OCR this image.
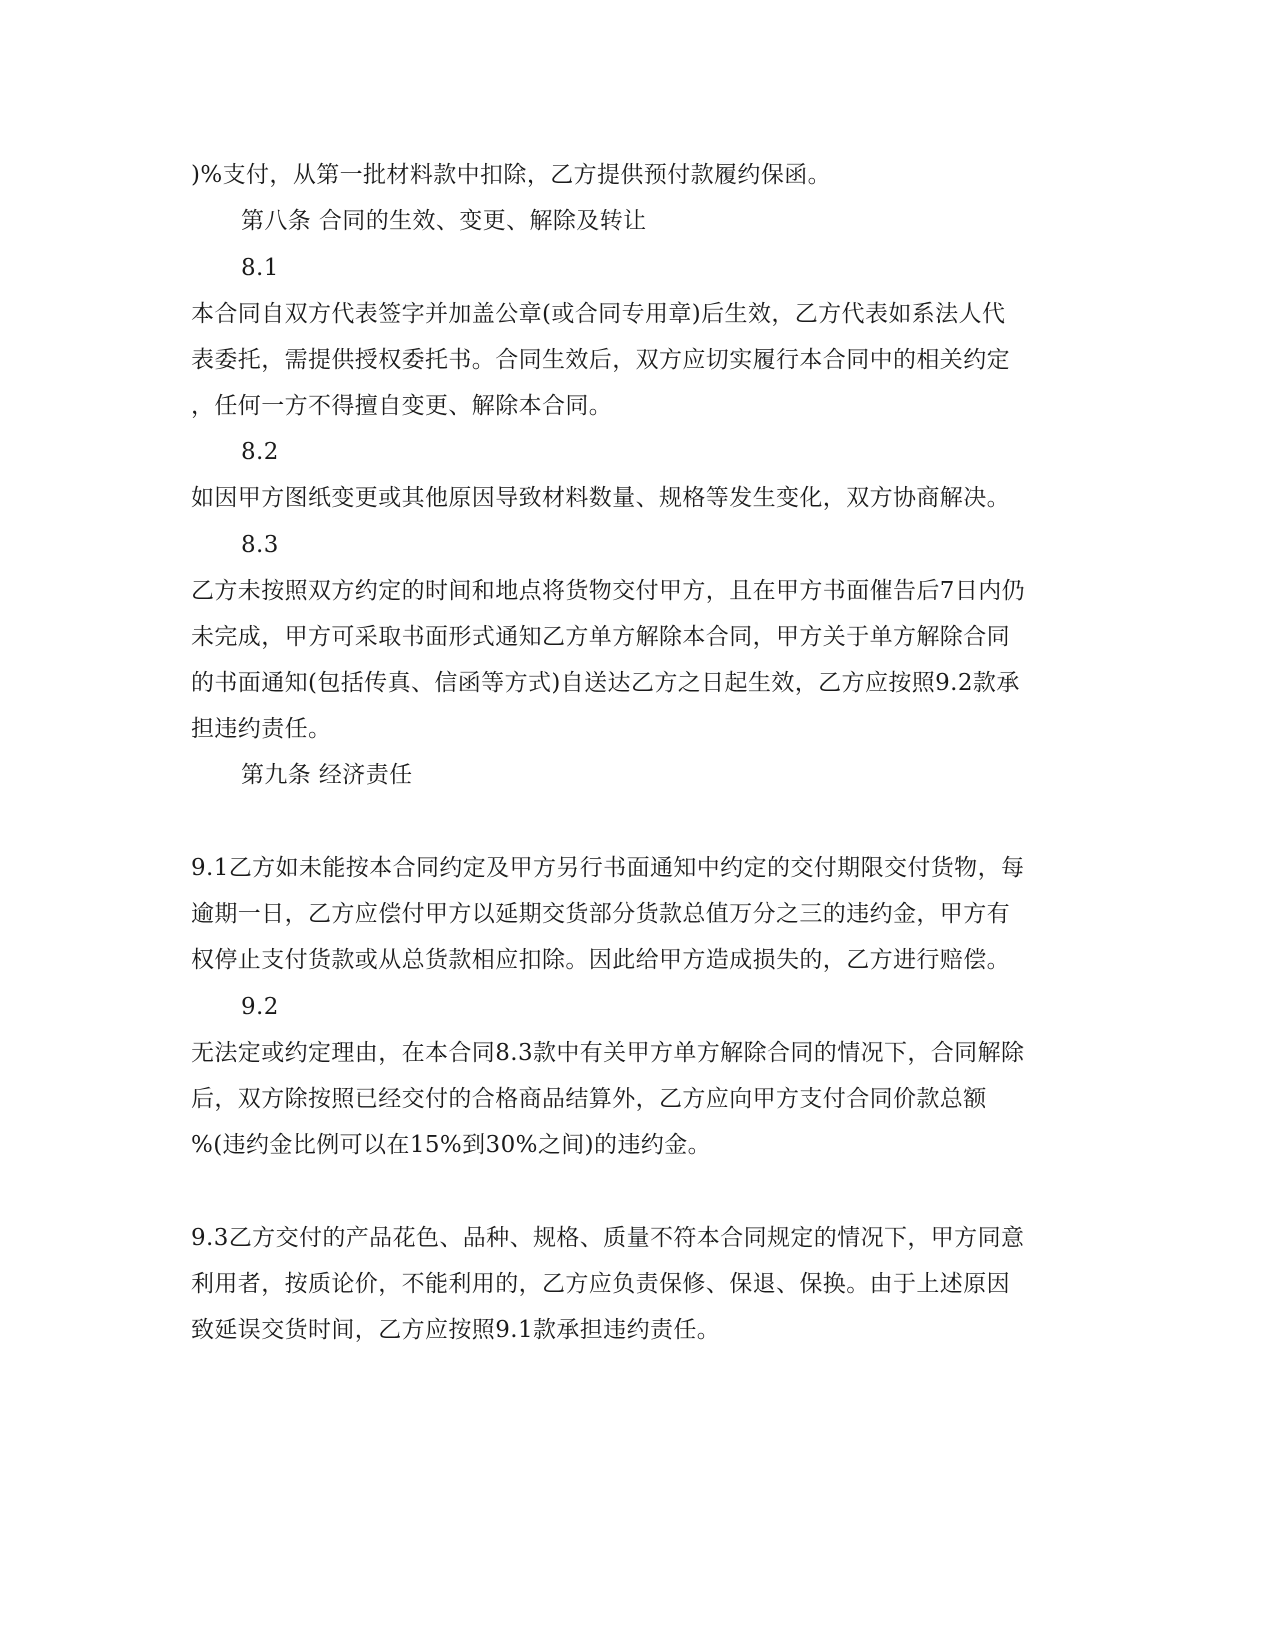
)%支付，从第一批材料款中扣除，乙方提供预付款履约保函。
第八条 合同的生效、变更、解除及转让
8.1
本合同自双方代表签字并加盖公章(或合同专用章)后生效，乙方代表如系法人代
表委托，需提供授权委托书。合同生效后，双方应切实履行本合同中的相关约定
，任何一方不得擅自变更、解除本合同。
8.2
如因甲方图纸变更或其他原因导致材料数量、规格等发生变化，双方协商解决。
8.3
乙方未按照双方约定的时间和地点将货物交付甲方，且在甲方书面催告后7日内仍
未完成，甲方可采取书面形式通知乙方单方解除本合同，甲方关于单方解除合同
的书面通知(包括传真、信函等方式)自送达乙方之日起生效，乙方应按照9.2款承
担违约责任。
第九条 经济责任
9.1乙方如未能按本合同约定及甲方另行书面通知中约定的交付期限交付货物，每
逾期一日，乙方应偿付甲方以延期交货部分货款总值万分之三的违约金，甲方有
权停止支付货款或从总货款相应扣除。因此给甲方造成损失的，乙方进行赔偿。
9.2
无法定或约定理由，在本合同8.3款中有关甲方单方解除合同的情况下，合同解除
后，双方除按照已经交付的合格商品结算外，乙方应向甲方支付合同价款总额
%(违约金比例可以在15%到30%之间)的违约金。
9.3乙方交付的产品花色、品种、规格、质量不符本合同规定的情况下，甲方同意
利用者，按质论价，不能利用的，乙方应负责保修、保退、保换。由于上述原因
致延误交货时间，乙方应按照9.1款承担违约责任。
